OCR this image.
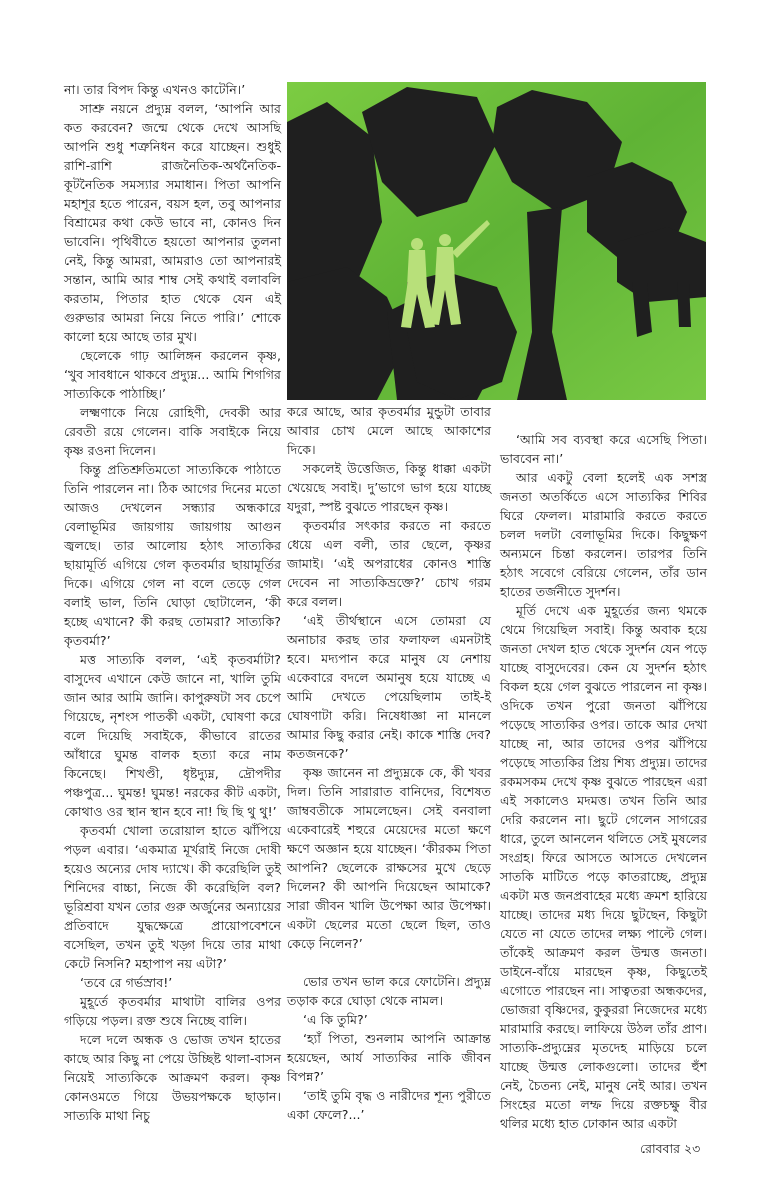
না। তার বিপদ কিন্তু এখনও কাটেনি।’

সাশ্রু নয়নে প্রদ্যুম্ন বলল, ‘আপনি আর কত করবেন? জন্মে থেকে দেখে আসছি আপনি শুধু শত্রুনিধন করে যাচ্ছেন। শুধুই রাশি-রাশি রাজনৈতিক-অর্থনৈতিক-কূটনৈতিক সমস্যার সমাধান। পিতা আপনি মহাশূর হতে পারেন, বয়স হল, তবু আপনার বিশ্রামের কথা কেউ ভাবে না, কোনও দিন ভাবেনি। পৃথিবীতে হয়তো আপনার তুলনা নেই, কিন্তু আমরা, আমরাও তো আপনারই সন্তান, আমি আর শাম্ব সেই কথাই বলাবলি করতাম, পিতার হাত থেকে যেন এই গুরুভার আমরা নিয়ে নিতে পারি।’ শোকে কালো হয়ে আছে তার মুখ।

ছেলেকে গাঢ় আলিঙ্গন করলেন কৃষ্ণ, ‘খুব সাবধানে থাকবে প্রদ্যুম্ন... আমি শিগগির সাত্যকিকে পাঠাচ্ছি।’

লক্ষ্মণাকে নিয়ে রোহিণী, দেবকী আর রেবতী রয়ে গেলেন। বাকি সবাইকে নিয়ে কৃষ্ণ রওনা দিলেন।

কিন্তু প্রতিশ্রুতিমতো সাত্যকিকে পাঠাতে তিনি পারলেন না। ঠিক আগের দিনের মতো আজও দেখলেন সন্ধ্যার অন্ধকারে বেলাভূমির জায়গায় জায়গায় আগুন জ্বলছে। তার আলোয় হঠাৎ সাত্যকির ছায়ামূর্তি এগিয়ে গেল কৃতবর্মার ছায়ামূর্তির দিকে। এগিয়ে গেল না বলে তেড়ে গেল বলাই ভাল, তিনি ঘোড়া ছোটালেন, ‘কী হচ্ছে এখানে? কী করছ তোমরা? সাত্যকি? কৃতবর্মা?’

মত্ত সাত্যকি বলল, ‘এই কৃতবর্মাটা? বাসুদেব এখানে কেউ জানে না, খালি তুমি জান আর আমি জানি। কাপুরুষটা সব চেপে গিয়েছে, নৃশংস পাতকী একটা, ঘোষণা করে বলে দিয়েছি সবাইকে, কীভাবে রাতের আঁধারে ঘুমন্ত বালক হত্যা করে নাম কিনেছে। শিখণ্ডী, ধৃষ্টদ্যুম্ন, দ্রৌপদীর পঞ্চপুত্র... ঘুমন্ত! ঘুমন্ত! নরকের কীট একটা, কোথাও ওর স্থান স্থান হবে না! ছি ছি থু থু!’

কৃতবর্মা খোলা তরোয়াল হাতে ঝাঁপিয়ে পড়ল এবার। ‘একমাত্র মূর্খরাই নিজে দোষী হয়েও অন্যের দোষ দ্যাখে। কী করেছিলি তুই শিনিদের বাচ্চা, নিজে কী করেছিলি বল? ভূরিশ্রবা যখন তোর গুরু অর্জুনের অন্যায়ের প্রতিবাদে যুদ্ধক্ষেত্রে প্রায়োপবেশনে বসেছিল, তখন তুই খড়্গ দিয়ে তার মাথা কেটে নিসনি? মহাপাপ নয় এটা?’

‘তবে রে গর্ভস্রাব!’

মুহূর্তে কৃতবর্মার মাথাটা বালির ওপর গড়িয়ে পড়ল। রক্ত শুষে নিচ্ছে বালি।

দলে দলে অন্ধক ও ভোজ তখন হাতের কাছে আর কিছু না পেয়ে উচ্ছিষ্ট থালা-বাসন নিয়েই সাত্যকিকে আক্রমণ করল। কৃষ্ণ কোনওমতে গিয়ে উভয়পক্ষকে ছাড়ান। সাত্যকি মাথা নিচু

করে আছে, আর কৃতবর্মার মুন্ডুটা তাবার আবার চোখ মেলে আছে আকাশের দিকে।

সকলেই উত্তেজিত, কিন্তু ধাক্কা একটা খেয়েছে সবাই। দু’ভাগে ভাগ হয়ে যাচ্ছে যদুরা, স্পষ্ট বুঝতে পারছেন কৃষ্ণ।

কৃতবর্মার সৎকার করতে না করতে ধেয়ে এল বলী, তার ছেলে, কৃষ্ণর জামাই। ‘এই অপরাধের কোনও শাস্তি দেবেন না সাত্যকিভ্রক্তে?’ চোখ গরম করে বলল।

‘এই তীর্থস্থানে এসে তোমরা যে অনাচার করছ তার ফলাফল এমনটাই হবে। মদ্যপান করে মানুষ যে নেশায় একেবারে বদলে অমানুষ হয়ে যাচ্ছে এ আমি দেখতে পেয়েছিলাম তাই-ই ঘোষণাটা করি। নিষেধাজ্ঞা না মানলে আমার কিছু করার নেই। কাকে শাস্তি দেব? কতজনকে?’

কৃষ্ণ জানেন না প্রদ্যুম্নকে কে, কী খবর দিল। তিনি সারারাত বানিদের, বিশেষত জাম্ববতীকে সামলেছেন। সেই বনবালা একেবারেই শহুরে মেয়েদের মতো ক্ষণে ক্ষণে অজ্ঞান হয়ে যাচ্ছেন। ‘কীরকম পিতা আপনি? ছেলেকে রাক্ষসের মুখে ছেড়ে দিলেন? কী আপনি দিয়েছেন আমাকে? সারা জীবন খালি উপেক্ষা আর উপেক্ষা। একটা ছেলের মতো ছেলে ছিল, তাও কেড়ে নিলেন?’

ভোর তখন ভাল করে ফোটেনি। প্রদ্যুম্ন তড়াক করে ঘোড়া থেকে নামল।

‘এ কি তুমি?’

‘হ্যাঁ পিতা, শুনলাম আপনি আক্রান্ত হয়েছেন, আর্য সাত্যকির নাকি জীবন বিপন্ন?’

‘তাই তুমি বৃদ্ধ ও নারীদের শূন্য পুরীতে একা ফেলে?...’

‘আমি সব ব্যবস্থা করে এসেছি পিতা। ভাববেন না।’

আর একটু বেলা হলেই এক সশস্ত্র জনতা অতর্কিতে এসে সাত্যকির শিবির ঘিরে ফেলল। মারামারি করতে করতে চলল দলটা বেলাভূমির দিকে। কিছুক্ষণ অন্যমনে চিন্তা করলেন। তারপর তিনি হঠাৎ সবেগে বেরিয়ে গেলেন, তাঁর ডান হাতের তর্জনীতে সুদর্শন।

মূর্তি দেখে এক মুহূর্তের জন্য থমকে থেমে গিয়েছিল সবাই। কিন্তু অবাক হয়ে জনতা দেখল হাত থেকে সুদর্শন যেন পড়ে যাচ্ছে বাসুদেবের। কেন যে সুদর্শন হঠাৎ বিকল হয়ে গেল বুঝতে পারলেন না কৃষ্ণ। ওদিকে তখন পুরো জনতা ঝাঁপিয়ে পড়েছে সাত্যকির ওপর। তাকে আর দেখা যাচ্ছে না, আর তাদের ওপর ঝাঁপিয়ে পড়েছে সাত্যকির প্রিয় শিষ্য প্রদ্যুম্ন। তাদের রকমসকম দেখে কৃষ্ণ বুঝতে পারছেন এরা এই সকালেও মদমত্ত। তখন তিনি আর দেরি করলেন না। ছুটে গেলেন সাগরের ধারে, তুলে আনলেন থলিতে সেই মুষলের সংগ্রহ। ফিরে আসতে আসতে দেখলেন সাতকি মাটিতে পড়ে কাতরাচ্ছে, প্রদ্যুম্ন একটা মত্ত জনপ্রবাহের মধ্যে ক্রমশ হারিয়ে যাচ্ছে। তাদের মধ্য দিয়ে ছুটছেন, কিছুটা যেতে না যেতে তাদের লক্ষ্য পাল্টে গেল। তাঁকেই আক্রমণ করল উন্মত্ত জনতা। ডাইনে-বাঁয়ে মারছেন কৃষ্ণ, কিছুতেই এগোতে পারছেন না। সাত্বতরা অন্ধকদের, ভোজরা বৃষ্ণিদের, কুকুররা নিজেদের মধ্যে মারামারি করছে। লাফিয়ে উঠল তাঁর প্রাণ। সাত্যকি-প্রদ্যুম্নের মৃতদেহ মাড়িয়ে চলে যাচ্ছে উন্মত্ত লোকগুলো। তাদের হুঁশ নেই, চৈতন্য নেই, মানুষ নেই আর। তখন সিংহের মতো লম্ফ দিয়ে রক্তচক্ষু বীর থলির মধ্যে হাত ঢোকান আর একটা

রোববার ২৩
